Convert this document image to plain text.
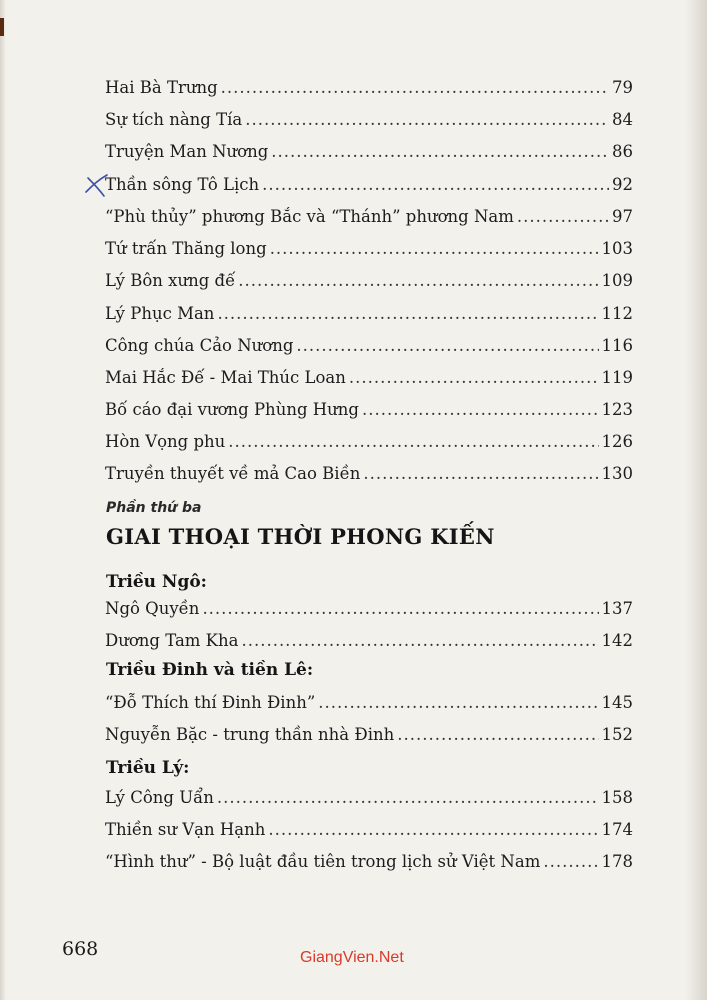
Hai Bà Trưng .....	79
Sự tích nàng Tía .....	84
Truyện Man Nương .....	86
Thần sông Tô Lịch .....	92
“Phù thủy” phương Bắc và “Thánh” phương Nam .....	97
Tứ trấn Thăng long .....	103
Lý Bôn xưng đế .....	109
Lý Phục Man .....	112
Công chúa Cảo Nương .....	116
Mai Hắc Đế - Mai Thúc Loan .....	119
Bố cáo đại vương Phùng Hưng .....	123
Hòn Vọng phu .....	126
Truyền thuyết về mả Cao Biền .....	130
Phần thứ ba
GIAI THOẠI THỜI PHONG KIẾN
Triều Ngô:
Ngô Quyền .....	137
Dương Tam Kha .....	142
Triều Đinh và tiền Lê:
“Đỗ Thích thí Đinh Đinh” .....	145
Nguyễn Bặc - trung thần nhà Đinh .....	152
Triều Lý:
Lý Công Uẩn .....	158
Thiền sư Vạn Hạnh .....	174
“Hình thư” - Bộ luật đầu tiên trong lịch sử Việt Nam .....	178
668	GiangVien.Net
